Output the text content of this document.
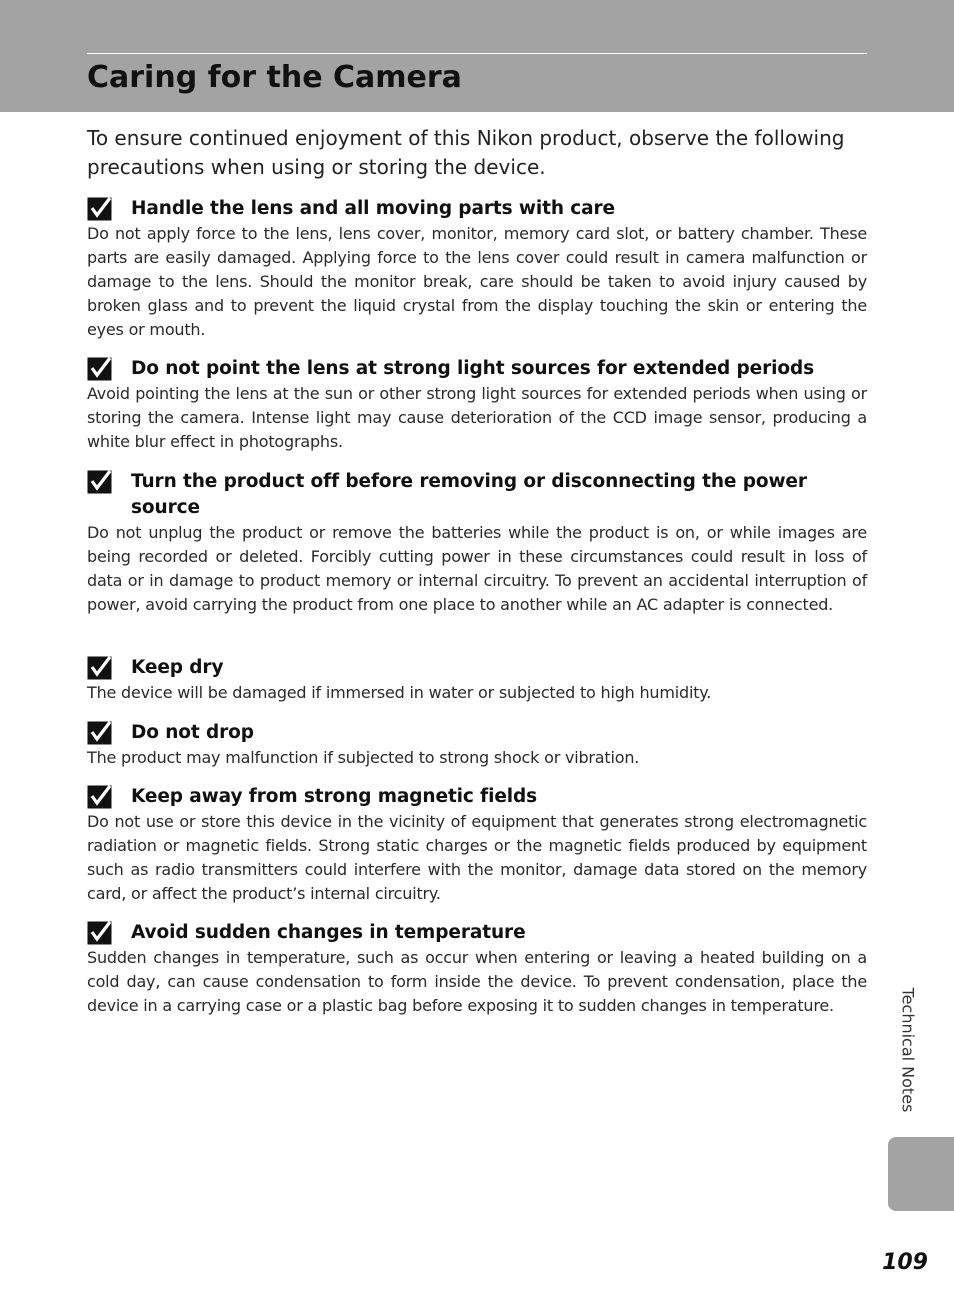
Caring for the Camera

To ensure continued enjoyment of this Nikon product, observe the following precautions when using or storing the device.

Handle the lens and all moving parts with care

Do not apply force to the lens, lens cover, monitor, memory card slot, or battery chamber. These parts are easily damaged. Applying force to the lens cover could result in camera malfunction or damage to the lens. Should the monitor break, care should be taken to avoid injury caused by broken glass and to prevent the liquid crystal from the display touching the skin or entering the eyes or mouth.

Do not point the lens at strong light sources for extended periods

Avoid pointing the lens at the sun or other strong light sources for extended periods when using or storing the camera. Intense light may cause deterioration of the CCD image sensor, producing a white blur effect in photographs.

Turn the product off before removing or disconnecting the power source

Do not unplug the product or remove the batteries while the product is on, or while images are being recorded or deleted. Forcibly cutting power in these circumstances could result in loss of data or in damage to product memory or internal circuitry. To prevent an accidental interruption of power, avoid carrying the product from one place to another while an AC adapter is connected.

Keep dry

The device will be damaged if immersed in water or subjected to high humidity.

Do not drop

The product may malfunction if subjected to strong shock or vibration.

Keep away from strong magnetic fields

Do not use or store this device in the vicinity of equipment that generates strong electromagnetic radiation or magnetic fields. Strong static charges or the magnetic fields produced by equipment such as radio transmitters could interfere with the monitor, damage data stored on the memory card, or affect the product’s internal circuitry.

Avoid sudden changes in temperature

Sudden changes in temperature, such as occur when entering or leaving a heated building on a cold day, can cause condensation to form inside the device. To prevent condensation, place the device in a carrying case or a plastic bag before exposing it to sudden changes in temperature.	Technical Notes
109
